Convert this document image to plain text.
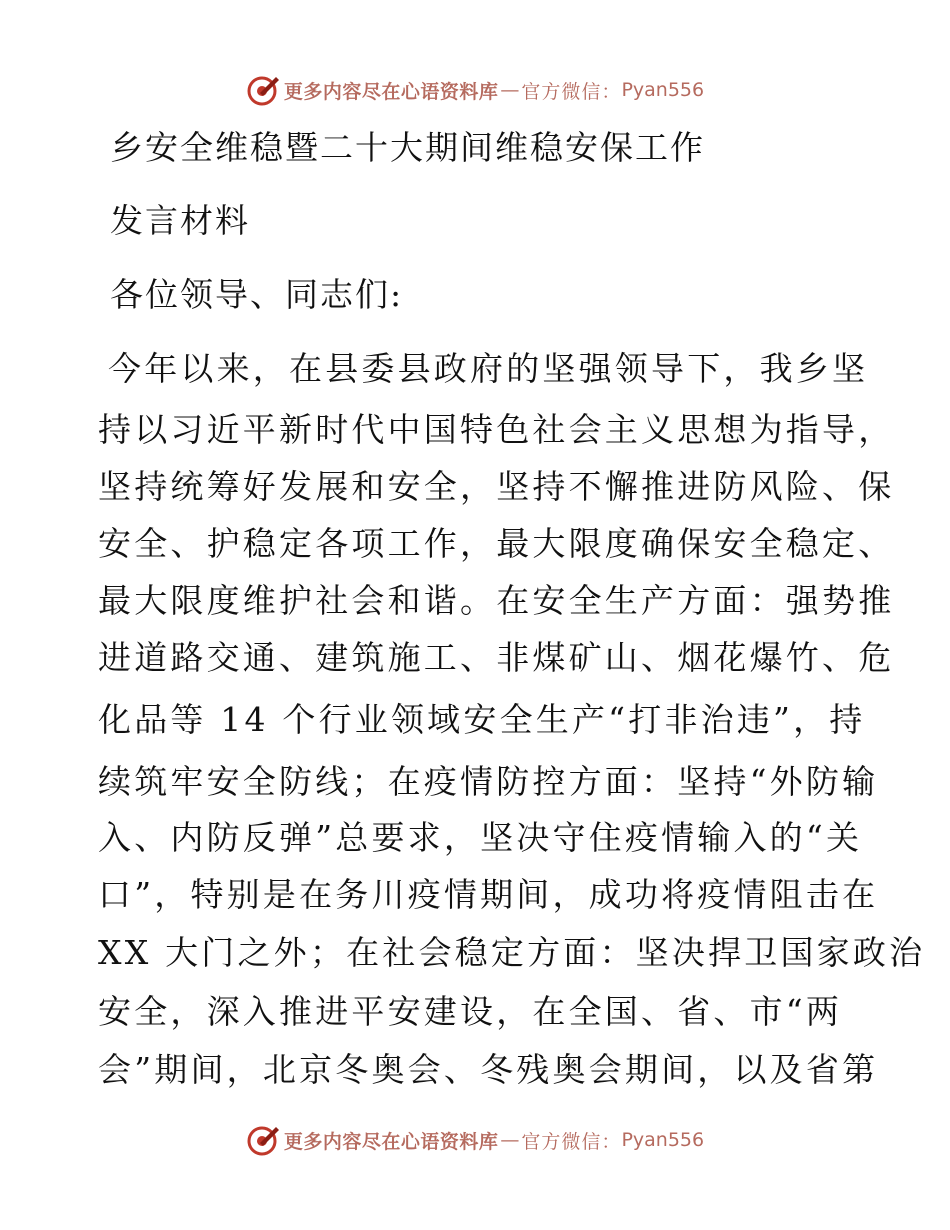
更多内容尽在心语资料库 — 官方微信： Pyan556
乡安全维稳暨二十大期间维稳安保工作
发言材料
各位领导、同志们:
今年以来，在县委县政府的坚强领导下，我乡坚
持以习近平新时代中国特色社会主义思想为指导，
坚持统筹好发展和安全，坚持不懈推进防风险、保
安全、护稳定各项工作，最大限度确保安全稳定、
最大限度维护社会和谐。在安全生产方面：强势推
进道路交通、建筑施工、非煤矿山、烟花爆竹、危
化品等 14 个行业领域安全生产“打非治违”，持
续筑牢安全防线；在疫情防控方面：坚持“外防输
入、内防反弹”总要求，坚决守住疫情输入的“关
口”，特别是在务川疫情期间，成功将疫情阻击在
XX 大门之外；在社会稳定方面：坚决捍卫国家政治
安全，深入推进平安建设，在全国、省、市“两
会”期间，北京冬奥会、冬残奥会期间，以及省第
更多内容尽在心语资料库 — 官方微信： Pyan556
